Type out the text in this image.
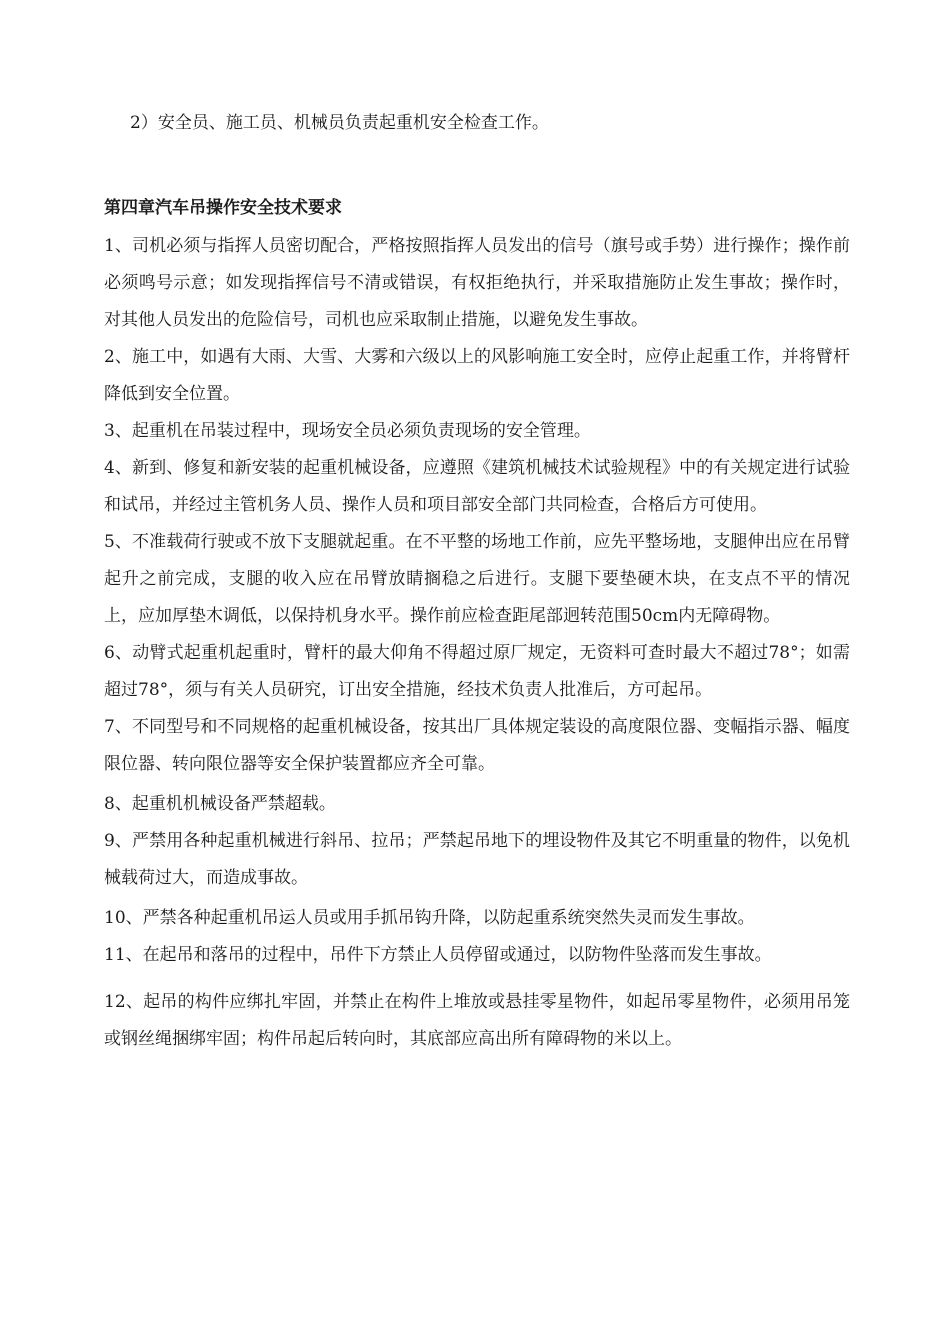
2）安全员、施工员、机械员负责起重机安全检查工作。
第四章汽车吊操作安全技术要求

1、司机必须与指挥人员密切配合，严格按照指挥人员发出的信号（旗号或手势）进行操作；操作前必须鸣号示意；如发现指挥信号不清或错误，有权拒绝执行，并采取措施防止发生事故；操作时，对其他人员发出的危险信号，司机也应采取制止措施，以避免发生事故。

2、施工中，如遇有大雨、大雪、大雾和六级以上的风影响施工安全时，应停止起重工作，并将臂杆降低到安全位置。

3、起重机在吊装过程中，现场安全员必须负责现场的安全管理。

4、新到、修复和新安装的起重机械设备，应遵照《建筑机械技术试验规程》中的有关规定进行试验和试吊，并经过主管机务人员、操作人员和项目部安全部门共同检查，合格后方可使用。

5、不准载荷行驶或不放下支腿就起重。在不平整的场地工作前，应先平整场地，支腿伸出应在吊臂起升之前完成，支腿的收入应在吊臂放睛搁稳之后进行。支腿下要垫硬木块，在支点不平的情况上，应加厚垫木调低，以保持机身水平。操作前应检查距尾部迥转范围50cm内无障碍物。

6、动臂式起重机起重时，臂杆的最大仰角不得超过原厂规定，无资料可查时最大不超过78°；如需超过78°，须与有关人员研究，订出安全措施，经技术负责人批准后，方可起吊。

7、不同型号和不同规格的起重机械设备，按其出厂具体规定装设的高度限位器、变幅指示器、幅度限位器、转向限位器等安全保护装置都应齐全可靠。

8、起重机机械设备严禁超载。

9、严禁用各种起重机械进行斜吊、拉吊；严禁起吊地下的埋设物件及其它不明重量的物件，以免机械载荷过大，而造成事故。

10、严禁各种起重机吊运人员或用手抓吊钩升降，以防起重系统突然失灵而发生事故。

11、在起吊和落吊的过程中，吊件下方禁止人员停留或通过，以防物件坠落而发生事故。

12、起吊的构件应绑扎牢固，并禁止在构件上堆放或悬挂零星物件，如起吊零星物件，必须用吊笼或钢丝绳捆绑牢固；构件吊起后转向时，其底部应高出所有障碍物的米以上。
